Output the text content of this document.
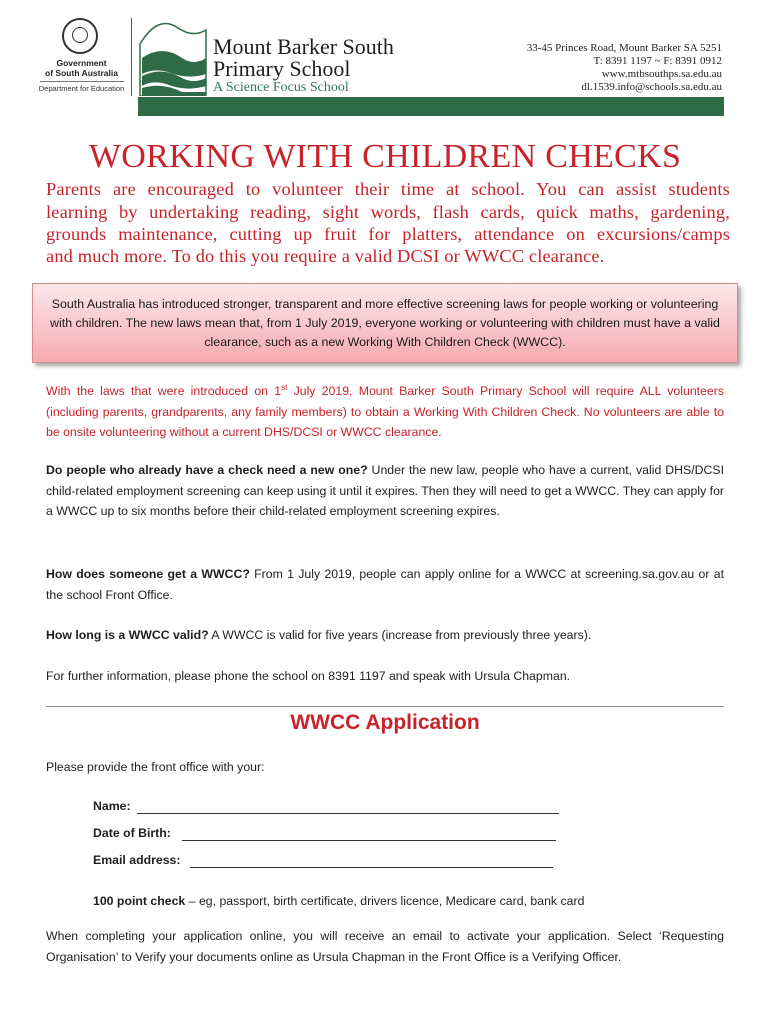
Government
of South Australia
Department for Education
Mount Barker South
Primary School
A Science Focus School
33-45 Princes Road, Mount Barker SA 5251
T: 8391 1197 ~ F: 8391 0912
www.mtbsouthps.sa.edu.au
dl.1539.info@schools.sa.edu.au
WORKING WITH CHILDREN CHECKS
Parents are encouraged to volunteer their time at school. You can assist students
learning by undertaking reading, sight words, flash cards, quick maths, gardening,
grounds maintenance, cutting up fruit for platters, attendance on excursions/camps
and much more. To do this you require a valid DCSI or WWCC clearance.

South Australia has introduced stronger, transparent and more effective screening laws for people working or volunteering with children. The new laws mean that, from 1 July 2019, everyone working or volunteering with children must have a valid clearance, such as a new Working With Children Check (WWCC).

With the laws that were introduced on 1st July 2019, Mount Barker South Primary School will require ALL volunteers (including parents, grandparents, any family members) to obtain a Working With Children Check. No volunteers are able to be onsite volunteering without a current DHS/DCSI or WWCC clearance.

Do people who already have a check need a new one? Under the new law, people who have a current, valid DHS/DCSI child-related employment screening can keep using it until it expires. Then they will need to get a WWCC. They can apply for a WWCC up to six months before their child-related employment screening expires.

How does someone get a WWCC? From 1 July 2019, people can apply online for a WWCC at screening.sa.gov.au or at the school Front Office.

How long is a WWCC valid? A WWCC is valid for five years (increase from previously three years).

For further information, please phone the school on 8391 1197 and speak with Ursula Chapman.

WWCC Application

Please provide the front office with your:

Name:
Date of Birth:
Email address:

100 point check – eg, passport, birth certificate, drivers licence, Medicare card, bank card

When completing your application online, you will receive an email to activate your application. Select ‘Requesting Organisation’ to Verify your documents online as Ursula Chapman in the Front Office is a Verifying Officer.
